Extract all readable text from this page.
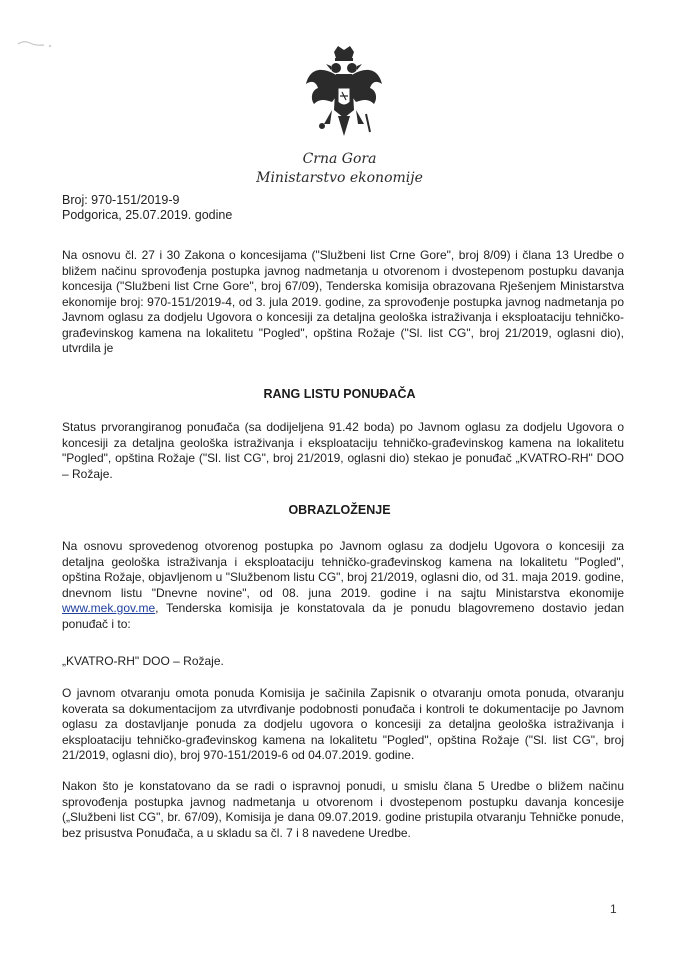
Crna Gora
Ministarstvo ekonomije
Broj: 970-151/2019-9
Podgorica, 25.07.2019. godine
Na osnovu čl. 27 i 30 Zakona o koncesijama ("Službeni list Crne Gore", broj 8/09) i člana 13 Uredbe o bližem načinu sprovođenja postupka javnog nadmetanja u otvorenom i dvostepenom postupku davanja koncesija ("Službeni list Crne Gore", broj 67/09), Tenderska komisija obrazovana Rješenjem Ministarstva ekonomije broj: 970-151/2019-4, od 3. jula 2019. godine, za sprovođenje postupka javnog nadmetanja po Javnom oglasu za dodjelu Ugovora o koncesiji za detaljna geološka istraživanja i eksploataciju tehničko-građevinskog kamena na lokalitetu "Pogled", opština Rožaje ("Sl. list CG", broj 21/2019, oglasni dio), utvrdila je
RANG LISTU PONUĐAČA
Status prvorangiranog ponuđača (sa dodijeljena 91.42 boda) po Javnom oglasu za dodjelu Ugovora o koncesiji za detaljna geološka istraživanja i eksploataciju tehničko-građevinskog kamena na lokalitetu "Pogled", opština Rožaje ("Sl. list CG", broj 21/2019, oglasni dio) stekao je ponuđač „KVATRO-RH" DOO – Rožaje.
OBRAZLOŽENJE
Na osnovu sprovedenog otvorenog postupka po Javnom oglasu za dodjelu Ugovora o koncesiji za detaljna geološka istraživanja i eksploataciju tehničko-građevinskog kamena na lokalitetu "Pogled", opština Rožaje, objavljenom u "Službenom listu CG", broj 21/2019, oglasni dio, od 31. maja 2019. godine, dnevnom listu "Dnevne novine", od 08. juna 2019. godine i na sajtu Ministarstva ekonomije www.mek.gov.me, Tenderska komisija je konstatovala da je ponudu blagovremeno dostavio jedan ponuđač i to:
„KVATRO-RH" DOO – Rožaje.
O javnom otvaranju omota ponuda Komisija je sačinila Zapisnik o otvaranju omota ponuda, otvaranju koverata sa dokumentacijom za utvrđivanje podobnosti ponuđača i kontroli te dokumentacije po Javnom oglasu za dostavljanje ponuda za dodjelu ugovora o koncesiji za detaljna geološka istraživanja i eksploataciju tehničko-građevinskog kamena na lokalitetu "Pogled", opština Rožaje ("Sl. list CG", broj 21/2019, oglasni dio), broj 970-151/2019-6 od 04.07.2019. godine.
Nakon što je konstatovano da se radi o ispravnoj ponudi, u smislu člana 5 Uredbe o bližem načinu sprovođenja postupka javnog nadmetanja u otvorenom i dvostepenom postupku davanja koncesije („Službeni list CG", br. 67/09), Komisija je dana 09.07.2019. godine pristupila otvaranju Tehničke ponude, bez prisustva Ponuđača, a u skladu sa čl. 7 i 8 navedene Uredbe.
1
